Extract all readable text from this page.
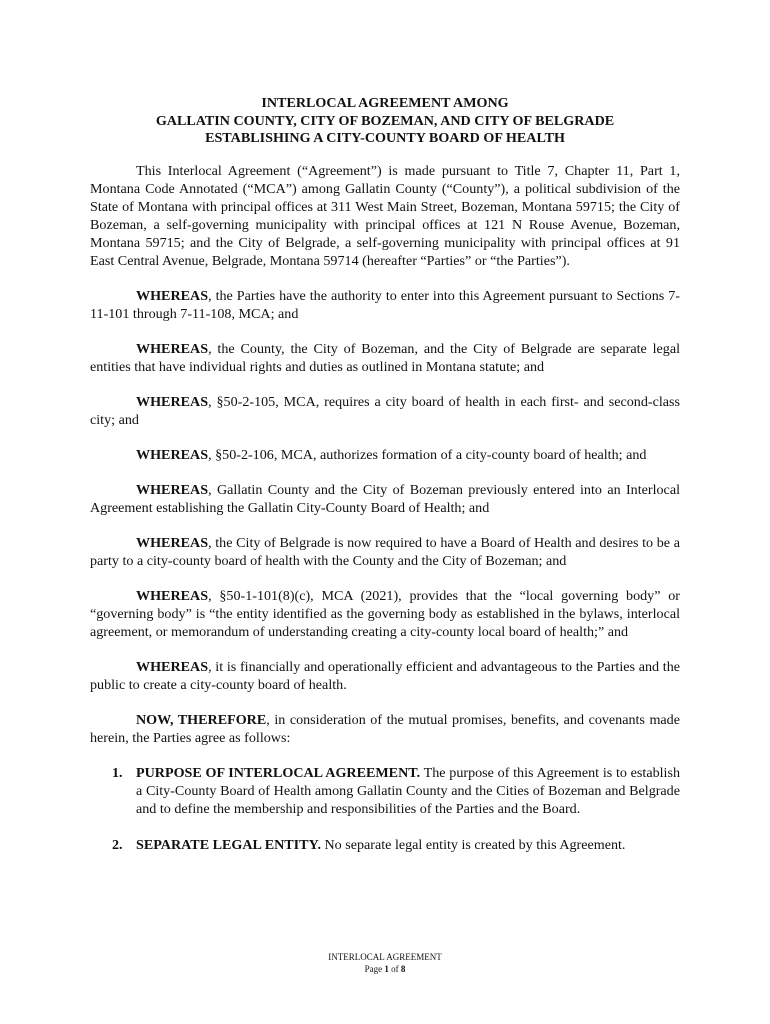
INTERLOCAL AGREEMENT AMONG
GALLATIN COUNTY, CITY OF BOZEMAN, AND CITY OF BELGRADE
ESTABLISHING A CITY-COUNTY BOARD OF HEALTH

This Interlocal Agreement (“Agreement”) is made pursuant to Title 7, Chapter 11, Part 1, Montana Code Annotated (“MCA”) among Gallatin County (“County”), a political subdivision of the State of Montana with principal offices at 311 West Main Street, Bozeman, Montana 59715; the City of Bozeman, a self-governing municipality with principal offices at 121 N Rouse Avenue, Bozeman, Montana 59715; and the City of Belgrade, a self-governing municipality with principal offices at 91 East Central Avenue, Belgrade, Montana 59714 (hereafter “Parties” or “the Parties”).

WHEREAS, the Parties have the authority to enter into this Agreement pursuant to Sections 7-11-101 through 7-11-108, MCA; and

WHEREAS, the County, the City of Bozeman, and the City of Belgrade are separate legal entities that have individual rights and duties as outlined in Montana statute; and

WHEREAS, §50-2-105, MCA, requires a city board of health in each first- and second-class city; and

WHEREAS, §50-2-106, MCA, authorizes formation of a city-county board of health; and

WHEREAS, Gallatin County and the City of Bozeman previously entered into an Interlocal Agreement establishing the Gallatin City-County Board of Health; and

WHEREAS, the City of Belgrade is now required to have a Board of Health and desires to be a party to a city-county board of health with the County and the City of Bozeman; and

WHEREAS, §50-1-101(8)(c), MCA (2021), provides that the “local governing body” or “governing body” is “the entity identified as the governing body as established in the bylaws, interlocal agreement, or memorandum of understanding creating a city-county local board of health;” and

WHEREAS, it is financially and operationally efficient and advantageous to the Parties and the public to create a city-county board of health.

NOW, THEREFORE, in consideration of the mutual promises, benefits, and covenants made herein, the Parties agree as follows:

1. PURPOSE OF INTERLOCAL AGREEMENT. The purpose of this Agreement is to establish a City-County Board of Health among Gallatin County and the Cities of Bozeman and Belgrade and to define the membership and responsibilities of the Parties and the Board.
2. SEPARATE LEGAL ENTITY. No separate legal entity is created by this Agreement.
INTERLOCAL AGREEMENT
Page 1 of 8
